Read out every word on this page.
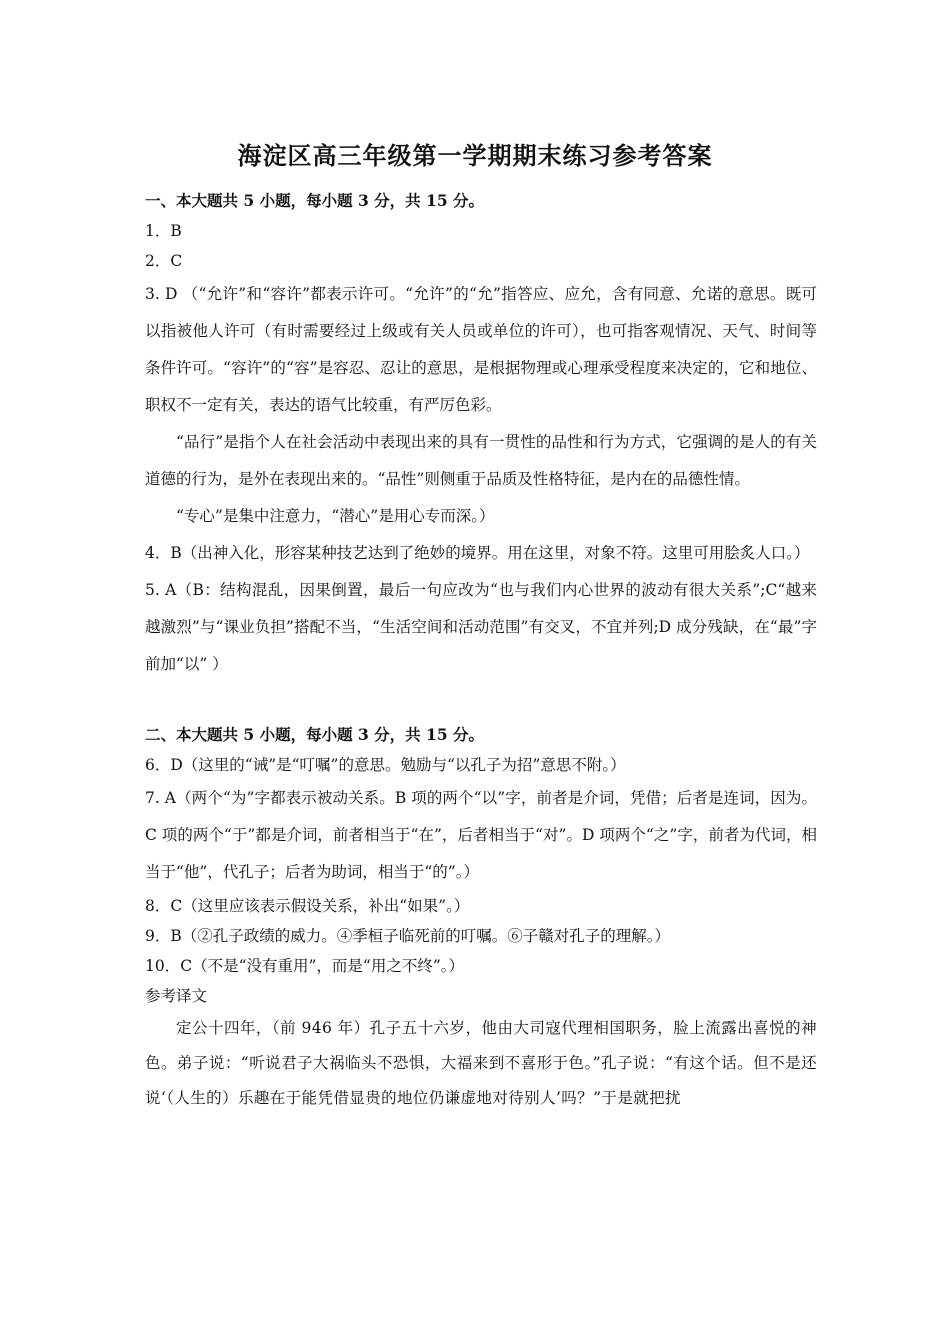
海淀区高三年级第一学期期末练习参考答案

一、本大题共 5 小题，每小题 3 分，共 15 分。

1．B

2．C

3. D （“允许”和“容许”都表示许可。“允许”的“允”指答应、应允，含有同意、允诺的意思。既可以指被他人许可（有时需要经过上级或有关人员或单位的许可），也可指客观情况、天气、时间等条件许可。“容许”的“容”是容忍、忍让的意思，是根据物理或心理承受程度来决定的，它和地位、职权不一定有关，表达的语气比较重，有严厉色彩。

“品行”是指个人在社会活动中表现出来的具有一贯性的品性和行为方式，它强调的是人的有关道德的行为，是外在表现出来的。“品性”则侧重于品质及性格特征，是内在的品德性情。

“专心”是集中注意力，“潜心”是用心专而深。）

4．B（出神入化，形容某种技艺达到了绝妙的境界。用在这里，对象不符。这里可用脍炙人口。）

5. A（B：结构混乱，因果倒置，最后一句应改为“也与我们内心世界的波动有很大关系”;C“越来越激烈”与“课业负担”搭配不当，“生活空间和活动范围”有交叉，不宜并列;D 成分残缺，在“最”字前加“以” ）

二、本大题共 5 小题，每小题 3 分，共 15 分。

6．D（这里的“诫”是“叮嘱”的意思。勉励与“以孔子为招”意思不附。）

7. A（两个“为”字都表示被动关系。B 项的两个“以”字，前者是介词，凭借；后者是连词，因为。C 项的两个“于”都是介词，前者相当于“在”，后者相当于“对”。D 项两个“之”字，前者为代词，相当于“他”，代孔子；后者为助词，相当于“的”。）

8．C（这里应该表示假设关系，补出“如果”。）

9．B（②孔子政绩的威力。④季桓子临死前的叮嘱。⑥子赣对孔子的理解。）

10．C（不是“没有重用”，而是“用之不终”。）

参考译文

定公十四年，（前 946 年）孔子五十六岁，他由大司寇代理相国职务，脸上流露出喜悦的神色。弟子说：“听说君子大祸临头不恐惧，大福来到不喜形于色。”孔子说：“有这个话。但不是还说‘（人生的）乐趣在于能凭借显贵的地位仍谦虚地对待别人’吗？”于是就把扰
